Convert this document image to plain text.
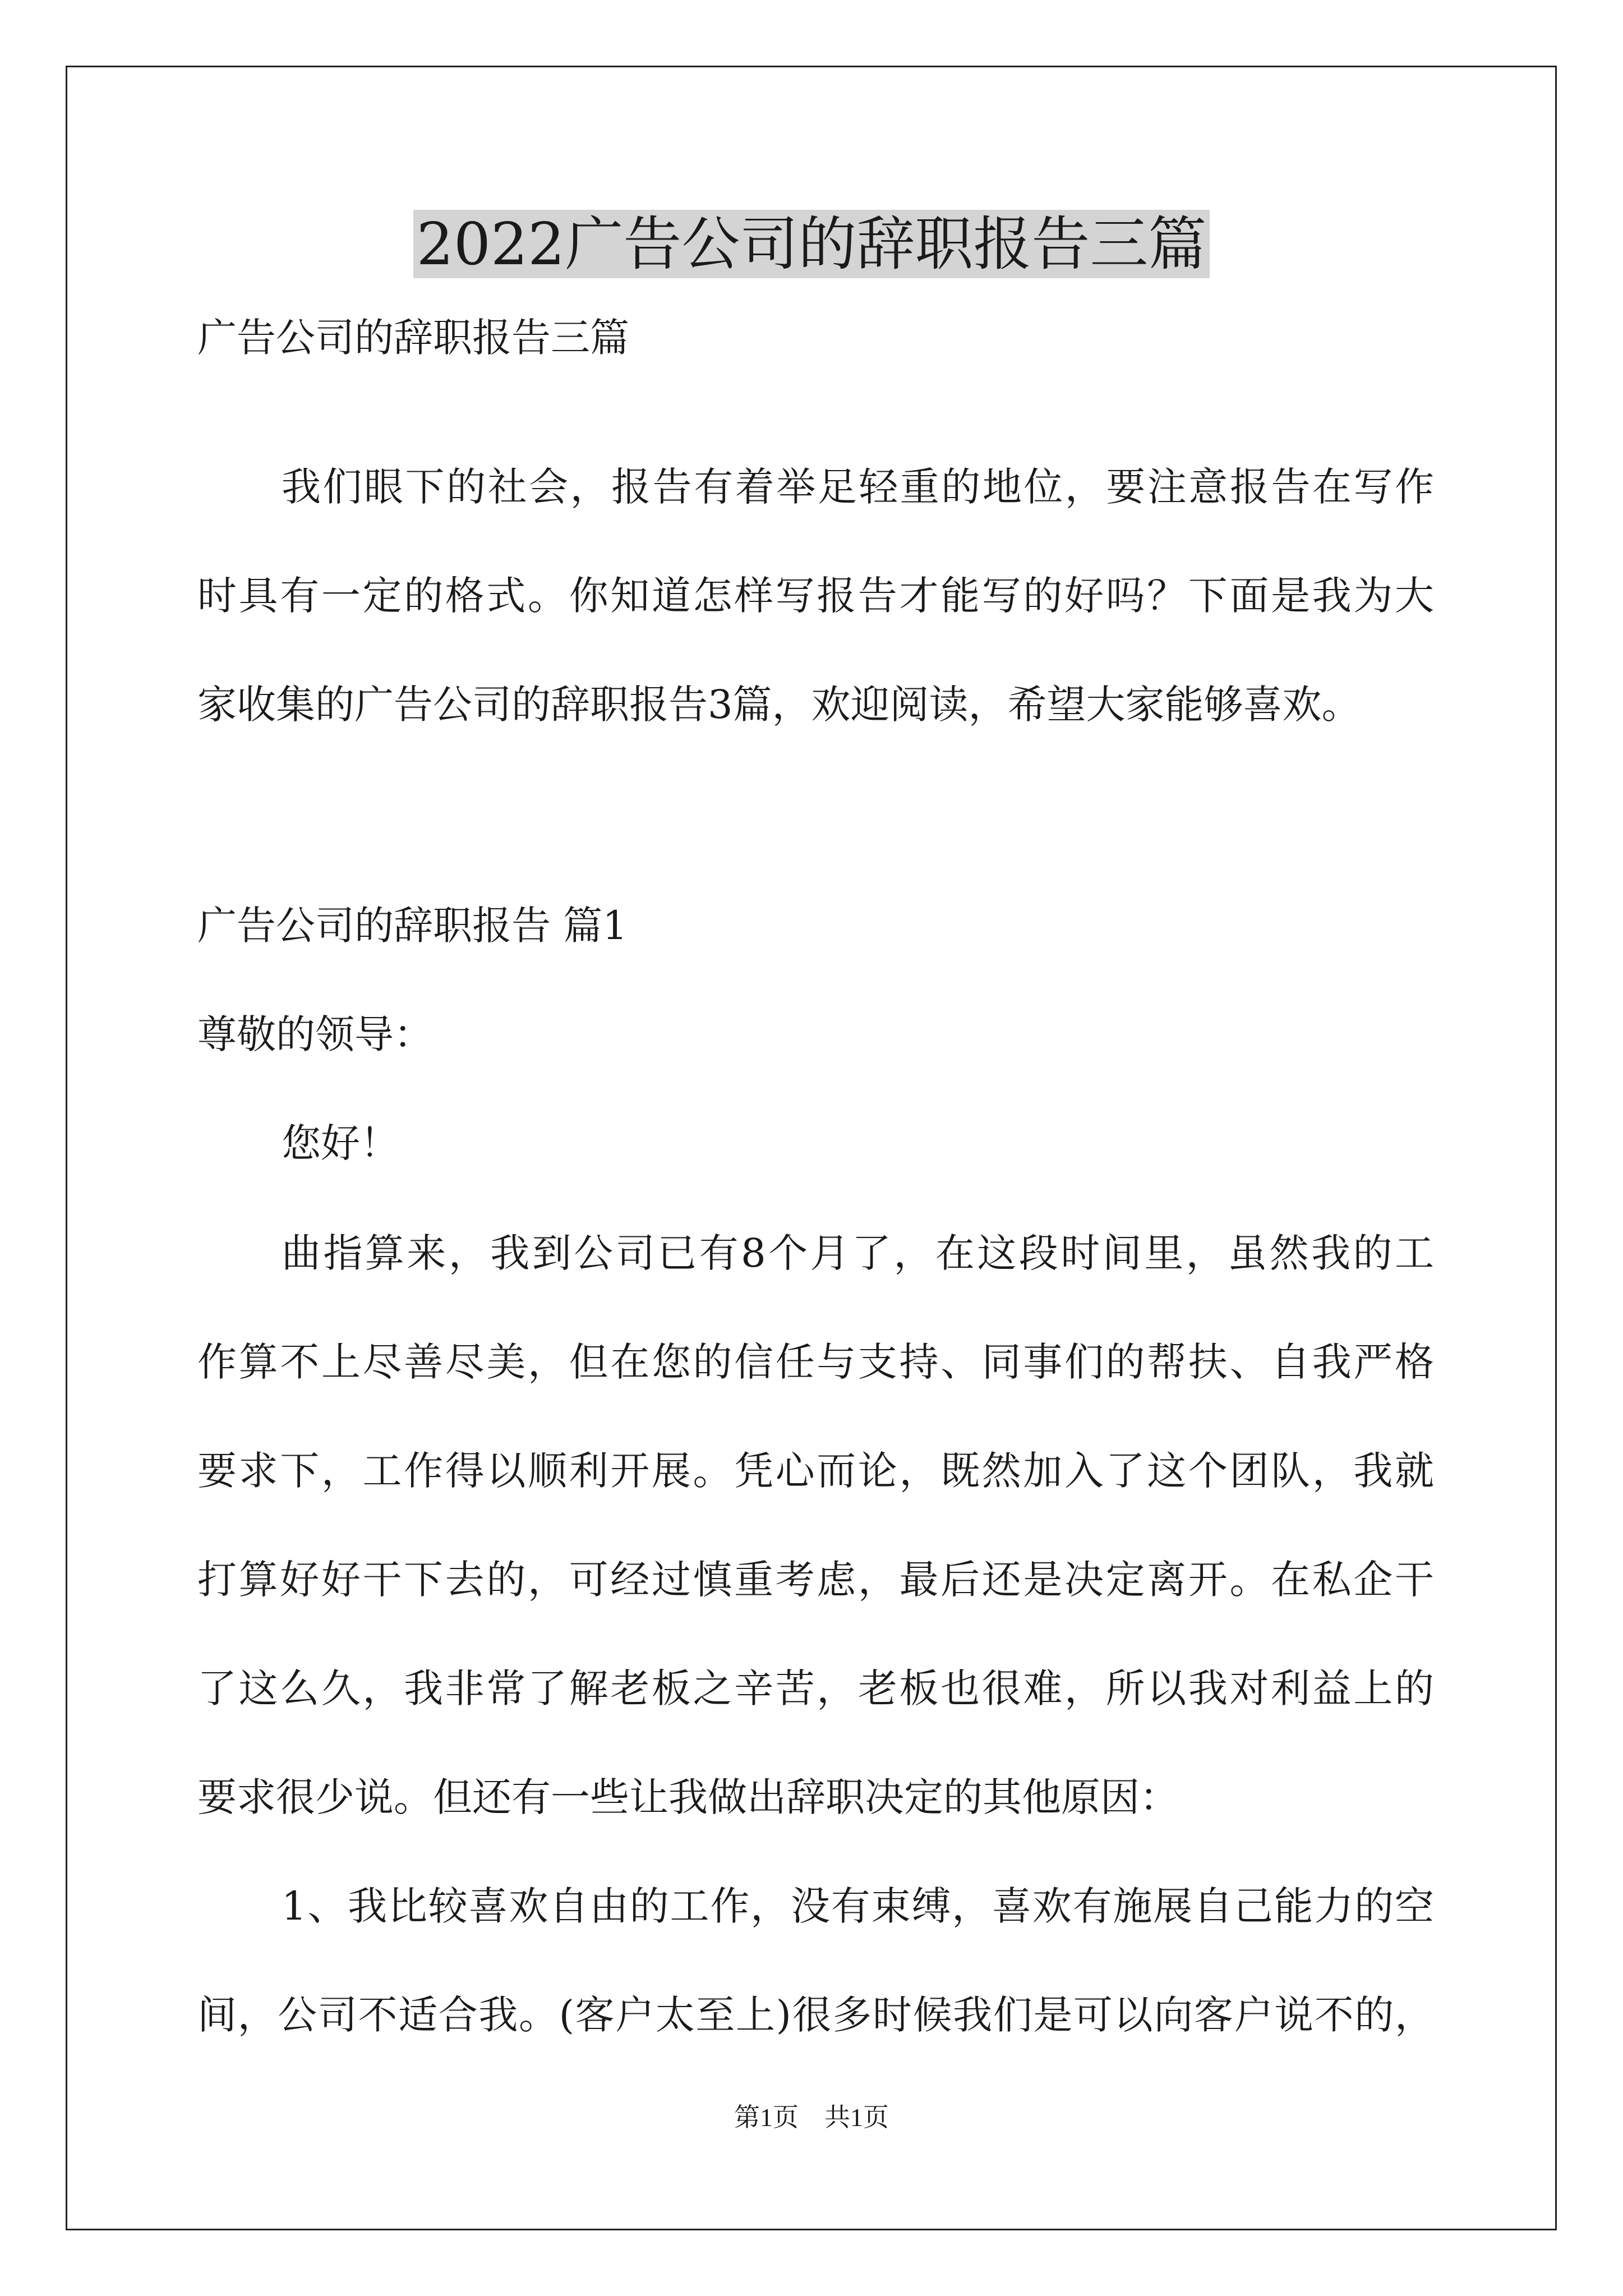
2022广告公司的辞职报告三篇
广告公司的辞职报告三篇
我们眼下的社会，报告有着举足轻重的地位，要注意报告在写作
时具有一定的格式。你知道怎样写报告才能写的好吗？下面是我为大
家收集的广告公司的辞职报告3篇，欢迎阅读，希望大家能够喜欢。
广告公司的辞职报告 篇1
尊敬的领导：
您好！
曲指算来，我到公司已有8个月了，在这段时间里，虽然我的工
作算不上尽善尽美，但在您的信任与支持、同事们的帮扶、自我严格
要求下，工作得以顺利开展。凭心而论，既然加入了这个团队，我就
打算好好干下去的，可经过慎重考虑，最后还是决定离开。在私企干
了这么久，我非常了解老板之辛苦，老板也很难，所以我对利益上的
要求很少说。但还有一些让我做出辞职决定的其他原因：
1、我比较喜欢自由的工作，没有束缚，喜欢有施展自己能力的空
间，公司不适合我。(客户太至上)很多时候我们是可以向客户说不的，
第1页　共1页
